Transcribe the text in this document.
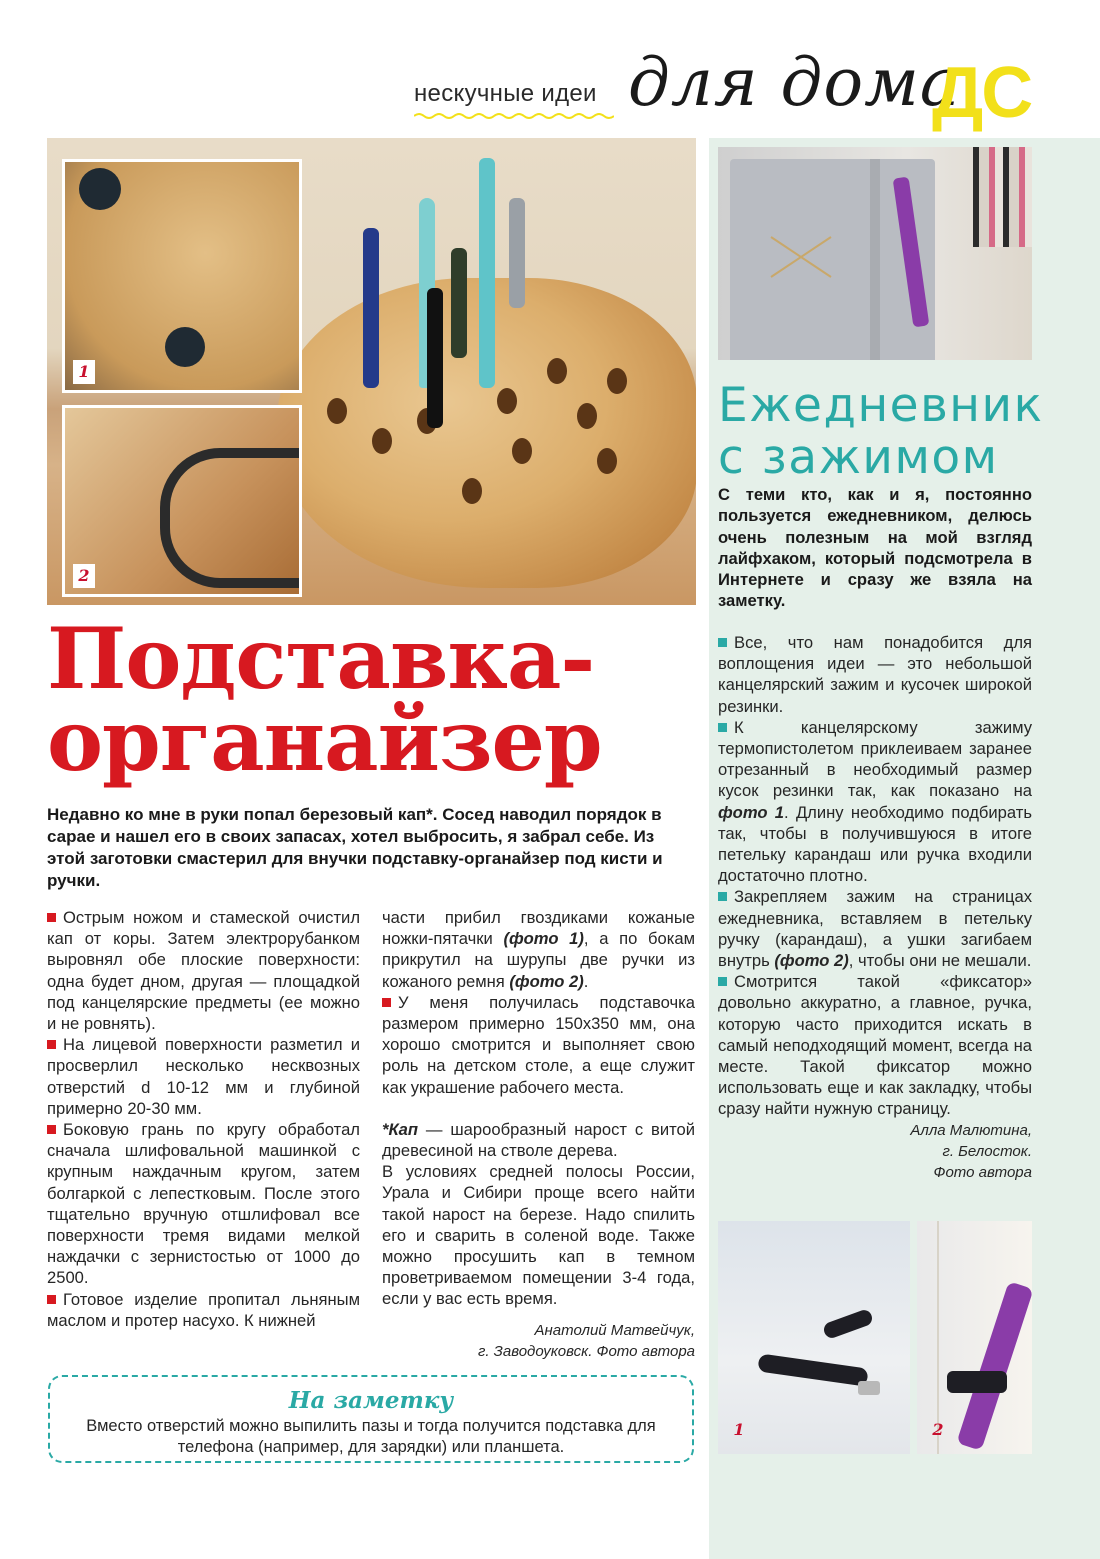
нескучные идеи для дома
ДС
1
2
Подставка-
органайзер
Недавно ко мне в руки попал березовый кап*. Сосед наводил порядок в сарае и нашел его в своих запасах, хотел выбросить, я забрал себе. Из этой заготовки смастерил для внучки подставку-органайзер под кисти и ручки.

Острым ножом и стамеской очистил кап от коры. Затем электрорубанком выровнял обе плоские поверхности: одна будет дном, другая — площадкой под канцелярские предметы (ее можно и не ровнять).

На лицевой поверхности разметил и просверлил несколько несквозных отверстий d 10-12 мм и глубиной примерно 20-30 мм.

Боковую грань по кругу обработал сначала шлифовальной машинкой с крупным наждачным кругом, затем болгаркой с лепестковым. После этого тщательно вручную отшлифовал все поверхности тремя видами мелкой наждачки с зернистостью от 1000 до 2500.

Готовое изделие пропитал льняным маслом и протер насухо. К нижней

части прибил гвоздиками кожаные ножки-пятачки (фото 1), а по бокам прикрутил на шурупы две ручки из кожаного ремня (фото 2).

У меня получилась подставочка размером примерно 150x350 мм, она хорошо смотрится и выполняет свою роль на детском столе, а еще служит как украшение рабочего места.

*Кап — шарообразный нарост с витой древесиной на стволе дерева.

В условиях средней полосы России, Урала и Сибири проще всего найти такой нарост на березе. Надо спилить его и сварить в соленой воде. Также можно просушить кап в темном проветриваемом помещении 3-4 года, если у вас есть время.

Анатолий Матвейчук,

г. Заводоуковск. Фото автора

На заметку
Вместо отверстий можно выпилить пазы и тогда получится подставка для телефона (например, для зарядки) или планшета.
Ежедневник
с зажимом
С теми кто, как и я, постоянно пользуется ежедневником, делюсь очень полезным на мой взгляд лайфхаком, который подсмотрела в Интернете и сразу же взяла на заметку.

Все, что нам понадобится для воплощения идеи — это небольшой канцелярский зажим и кусочек широкой резинки.

К канцелярскому зажиму термопистолетом приклеиваем заранее отрезанный в необходимый размер кусок резинки так, как показано на фото 1. Длину необходимо подбирать так, чтобы в получившуюся в итоге петельку карандаш или ручка входили достаточно плотно.

Закрепляем зажим на страницах ежедневника, вставляем в петельку ручку (карандаш), а ушки загибаем внутрь (фото 2), чтобы они не мешали.

Смотрится такой «фиксатор» довольно аккуратно, а главное, ручка, которую часто приходится искать в самый неподходящий момент, всегда на месте. Такой фиксатор можно использовать еще и как закладку, чтобы сразу найти нужную страницу.

Алла Малютина,

г. Белосток.

Фото автора

1	2
